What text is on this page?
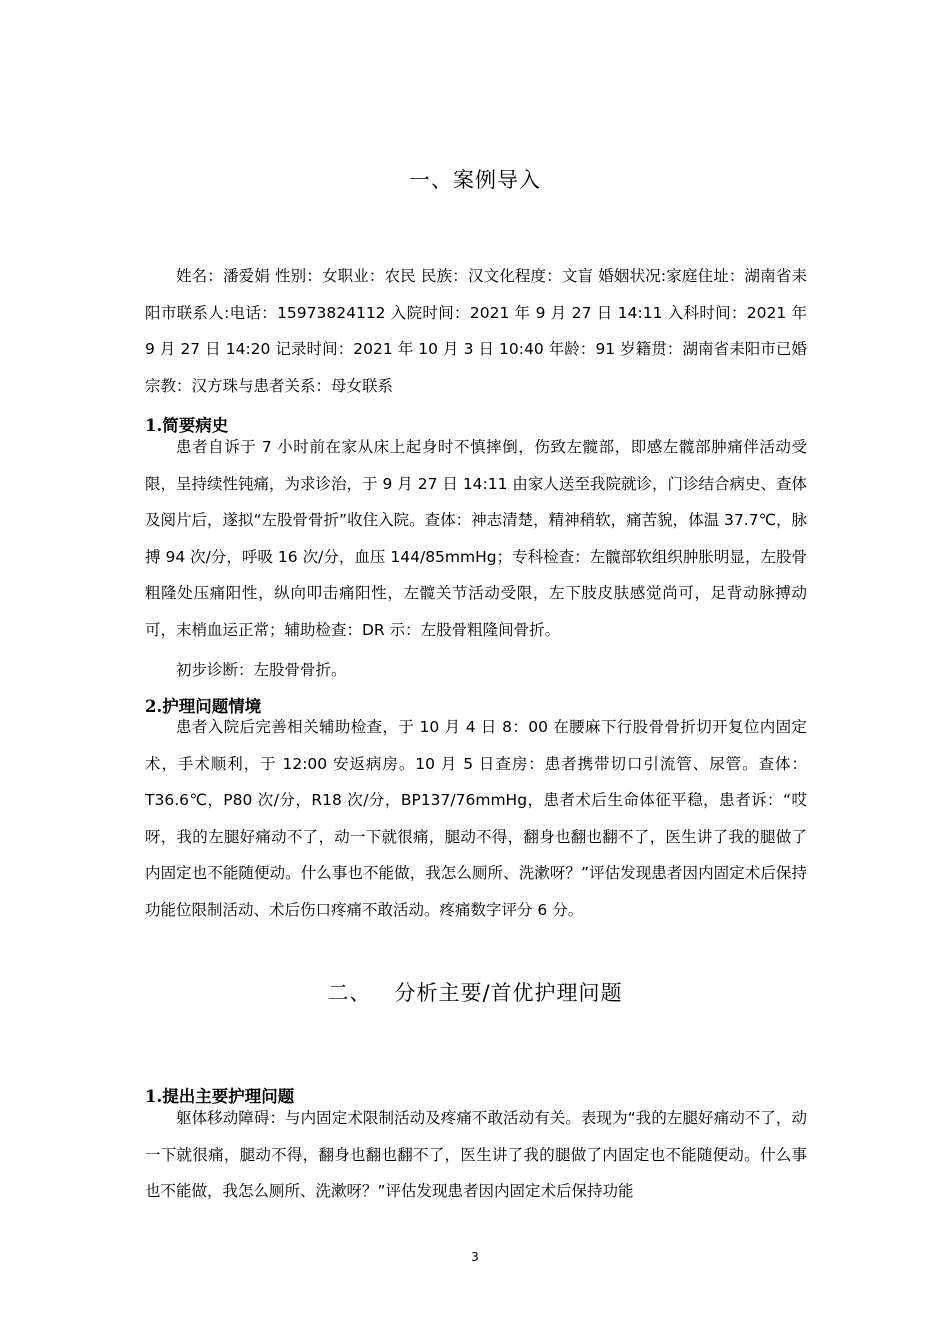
一、案例导入

姓名：潘爱娟 性别：女职业：农民 民族：汉文化程度：文盲 婚姻状况:家庭住址：湖南省耒阳市联系人:电话：15973824112 入院时间：2021 年 9 月 27 日 14:11 入科时间：2021 年 9 月 27 日 14:20 记录时间：2021 年 10 月 3 日 10:40 年龄：91 岁籍贯：湖南省耒阳市已婚宗教：汉方珠与患者关系：母女联系

1.简要病史

患者自诉于 7 小时前在家从床上起身时不慎摔倒，伤致左髋部，即感左髋部肿痛伴活动受限，呈持续性钝痛，为求诊治，于 9 月 27 日 14:11 由家人送至我院就诊，门诊结合病史、查体及阅片后，遂拟“左股骨骨折”收住入院。查体：神志清楚，精神稍软，痛苦貌，体温 37.7℃，脉搏 94 次/分，呼吸 16 次/分，血压 144/85mmHg；专科检查：左髋部软组织肿胀明显，左股骨粗隆处压痛阳性，纵向叩击痛阳性，左髋关节活动受限，左下肢皮肤感觉尚可，足背动脉搏动可，末梢血运正常；辅助检查：DR 示：左股骨粗隆间骨折。

初步诊断：左股骨骨折。

2.护理问题情境

患者入院后完善相关辅助检查，于 10 月 4 日 8：00 在腰麻下行股骨骨折切开复位内固定术，手术顺利，于 12:00 安返病房。10 月 5 日查房：患者携带切口引流管、尿管。查体：T36.6℃，P80 次/分，R18 次/分，BP137/76mmHg，患者术后生命体征平稳，患者诉：“哎呀，我的左腿好痛动不了，动一下就很痛，腿动不得，翻身也翻也翻不了，医生讲了我的腿做了内固定也不能随便动。什么事也不能做，我怎么厕所、洗漱呀？”评估发现患者因内固定术后保持功能位限制活动、术后伤口疼痛不敢活动。疼痛数字评分 6 分。

二、   分析主要/首优护理问题

1.提出主要护理问题

躯体移动障碍：与内固定术限制活动及疼痛不敢活动有关。表现为“我的左腿好痛动不了，动一下就很痛，腿动不得，翻身也翻也翻不了，医生讲了我的腿做了内固定也不能随便动。什么事也不能做，我怎么厕所、洗漱呀？”评估发现患者因内固定术后保持功能

3
